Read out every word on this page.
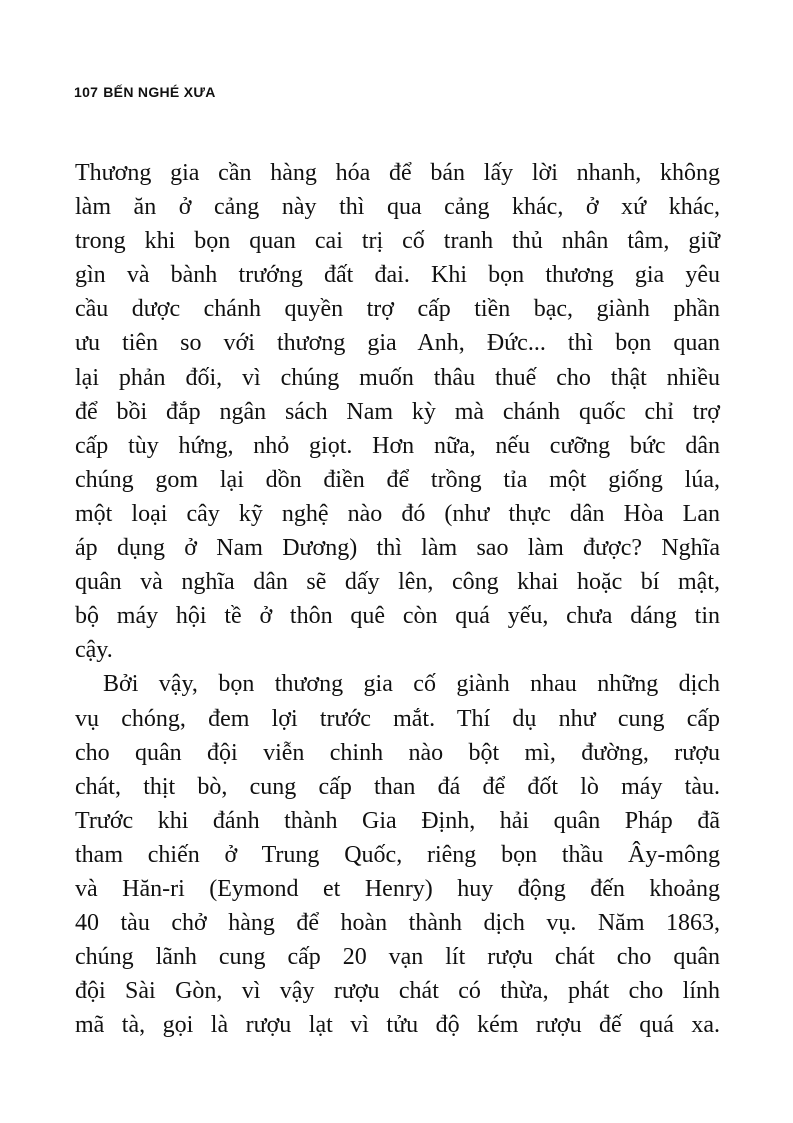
107 BẾN NGHÉ XƯA
Thương gia cần hàng hóa để bán lấy lời nhanh, không
làm ăn ở cảng này thì qua cảng khác, ở xứ khác,
trong khi bọn quan cai trị cố tranh thủ nhân tâm, giữ
gìn và bành trướng đất đai. Khi bọn thương gia yêu
cầu dược chánh quyền trợ cấp tiền bạc, giành phần
ưu tiên so với thương gia Anh, Đức... thì bọn quan
lại phản đối, vì chúng muốn thâu thuế cho thật nhiều
để bồi đắp ngân sách Nam kỳ mà chánh quốc chỉ trợ
cấp tùy hứng, nhỏ giọt. Hơn nữa, nếu cưỡng bức dân
chúng gom lại dồn điền để trồng tỉa một giống lúa,
một loại cây kỹ nghệ nào đó (như thực dân Hòa Lan
áp dụng ở Nam Dương) thì làm sao làm được? Nghĩa
quân và nghĩa dân sẽ dấy lên, công khai hoặc bí mật,
bộ máy hội tề ở thôn quê còn quá yếu, chưa dáng tin
cậy.
Bởi vậy, bọn thương gia cố giành nhau những dịch
vụ chóng, đem lợi trước mắt. Thí dụ như cung cấp
cho quân đội viễn chinh nào bột mì, đường, rượu
chát, thịt bò, cung cấp than đá để đốt lò máy tàu.
Trước khi đánh thành Gia Định, hải quân Pháp đã
tham chiến ở Trung Quốc, riêng bọn thầu Ây-mông
và Hăn-ri (Eymond et Henry) huy động đến khoảng
40 tàu chở hàng để hoàn thành dịch vụ. Năm 1863,
chúng lãnh cung cấp 20 vạn lít rượu chát cho quân
đội Sài Gòn, vì vậy rượu chát có thừa, phát cho lính
mã tà, gọi là rượu lạt vì tửu độ kém rượu đế quá xa.
